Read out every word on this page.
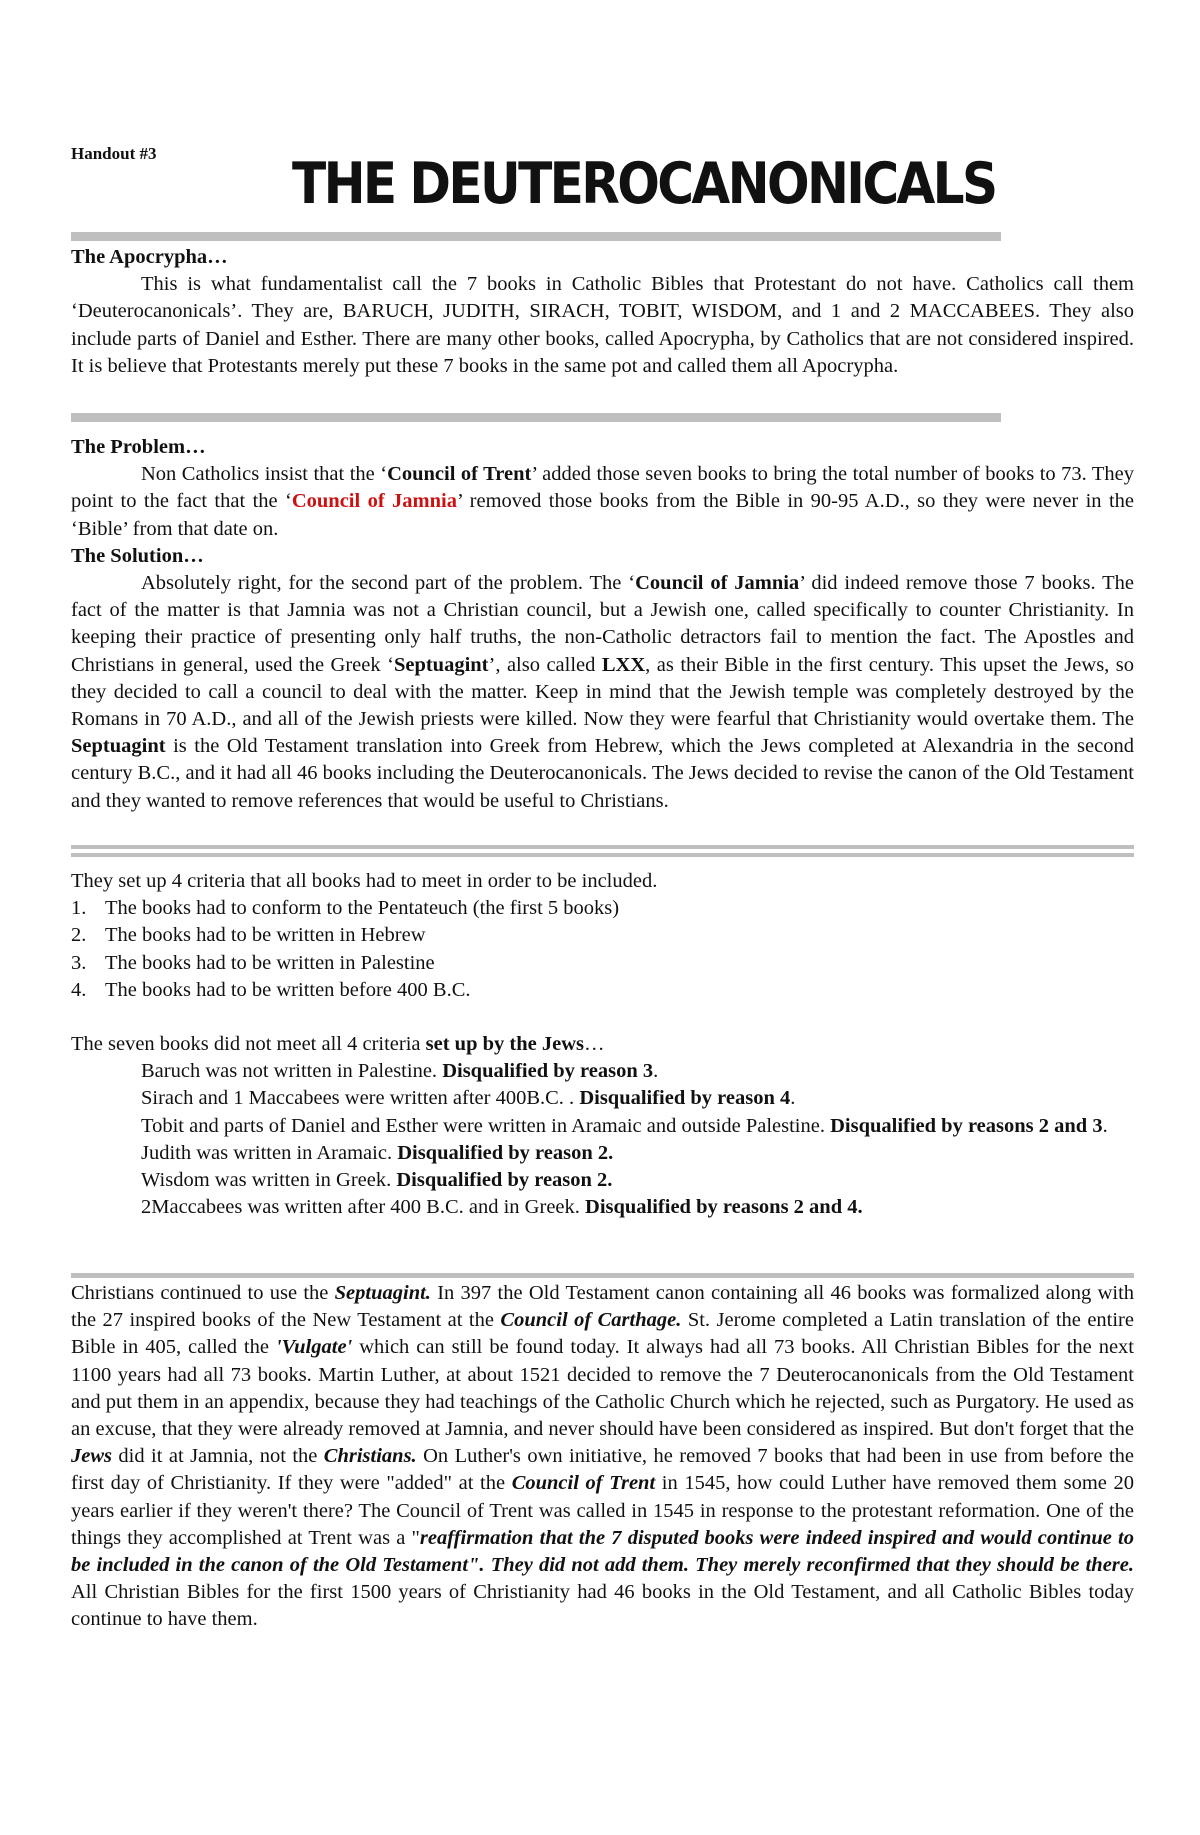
Handout #3 THE DEUTEROCANONICALS
The Apocrypha…

This is what fundamentalist call the 7 books in Catholic Bibles that Protestant do not have. Catholics call them ‘Deuterocanonicals’. They are, BARUCH, JUDITH, SIRACH, TOBIT, WISDOM, and 1 and 2 MACCABEES. They also include parts of Daniel and Esther. There are many other books, called Apocrypha, by Catholics that are not considered inspired. It is believe that Protestants merely put these 7 books in the same pot and called them all Apocrypha.

The Problem…

Non Catholics insist that the ‘Council of Trent’ added those seven books to bring the total number of books to 73. They point to the fact that the ‘Council of Jamnia’ removed those books from the Bible in 90-95 A.D., so they were never in the ‘Bible’ from that date on.

The Solution…

Absolutely right, for the second part of the problem. The ‘Council of Jamnia’ did indeed remove those 7 books. The fact of the matter is that Jamnia was not a Christian council, but a Jewish one, called specifically to counter Christianity. In keeping their practice of presenting only half truths, the non-Catholic detractors fail to mention the fact. The Apostles and Christians in general, used the Greek ‘Septuagint’, also called LXX, as their Bible in the first century. This upset the Jews, so they decided to call a council to deal with the matter. Keep in mind that the Jewish temple was completely destroyed by the Romans in 70 A.D., and all of the Jewish priests were killed. Now they were fearful that Christianity would overtake them. The Septuagint is the Old Testament translation into Greek from Hebrew, which the Jews completed at Alexandria in the second century B.C., and it had all 46 books including the Deuterocanonicals. The Jews decided to revise the canon of the Old Testament and they wanted to remove references that would be useful to Christians.

They set up 4 criteria that all books had to meet in order to be included.

1. The books had to conform to the Pentateuch (the first 5 books)
2. The books had to be written in Hebrew
3. The books had to be written in Palestine
4. The books had to be written before 400 B.C.

The seven books did not meet all 4 criteria set up by the Jews…

Baruch was not written in Palestine. Disqualified by reason 3.
Sirach and 1 Maccabees were written after 400B.C. . Disqualified by reason 4.
Tobit and parts of Daniel and Esther were written in Aramaic and outside Palestine. Disqualified by reasons 2 and 3.
Judith was written in Aramaic. Disqualified by reason 2.
Wisdom was written in Greek. Disqualified by reason 2.
2Maccabees was written after 400 B.C. and in Greek. Disqualified by reasons 2 and 4.

Christians continued to use the Septuagint. In 397 the Old Testament canon containing all 46 books was formalized along with the 27 inspired books of the New Testament at the Council of Carthage. St. Jerome completed a Latin translation of the entire Bible in 405, called the 'Vulgate' which can still be found today. It always had all 73 books. All Christian Bibles for the next 1100 years had all 73 books. Martin Luther, at about 1521 decided to remove the 7 Deuterocanonicals from the Old Testament and put them in an appendix, because they had teachings of the Catholic Church which he rejected, such as Purgatory. He used as an excuse, that they were already removed at Jamnia, and never should have been considered as inspired. But don't forget that the Jews did it at Jamnia, not the Christians. On Luther's own initiative, he removed 7 books that had been in use from before the first day of Christianity. If they were "added" at the Council of Trent in 1545, how could Luther have removed them some 20 years earlier if they weren't there? The Council of Trent was called in 1545 in response to the protestant reformation. One of the things they accomplished at Trent was a "reaffirmation that the 7 disputed books were indeed inspired and would continue to be included in the canon of the Old Testament". They did not add them. They merely reconfirmed that they should be there. All Christian Bibles for the first 1500 years of Christianity had 46 books in the Old Testament, and all Catholic Bibles today continue to have them.
